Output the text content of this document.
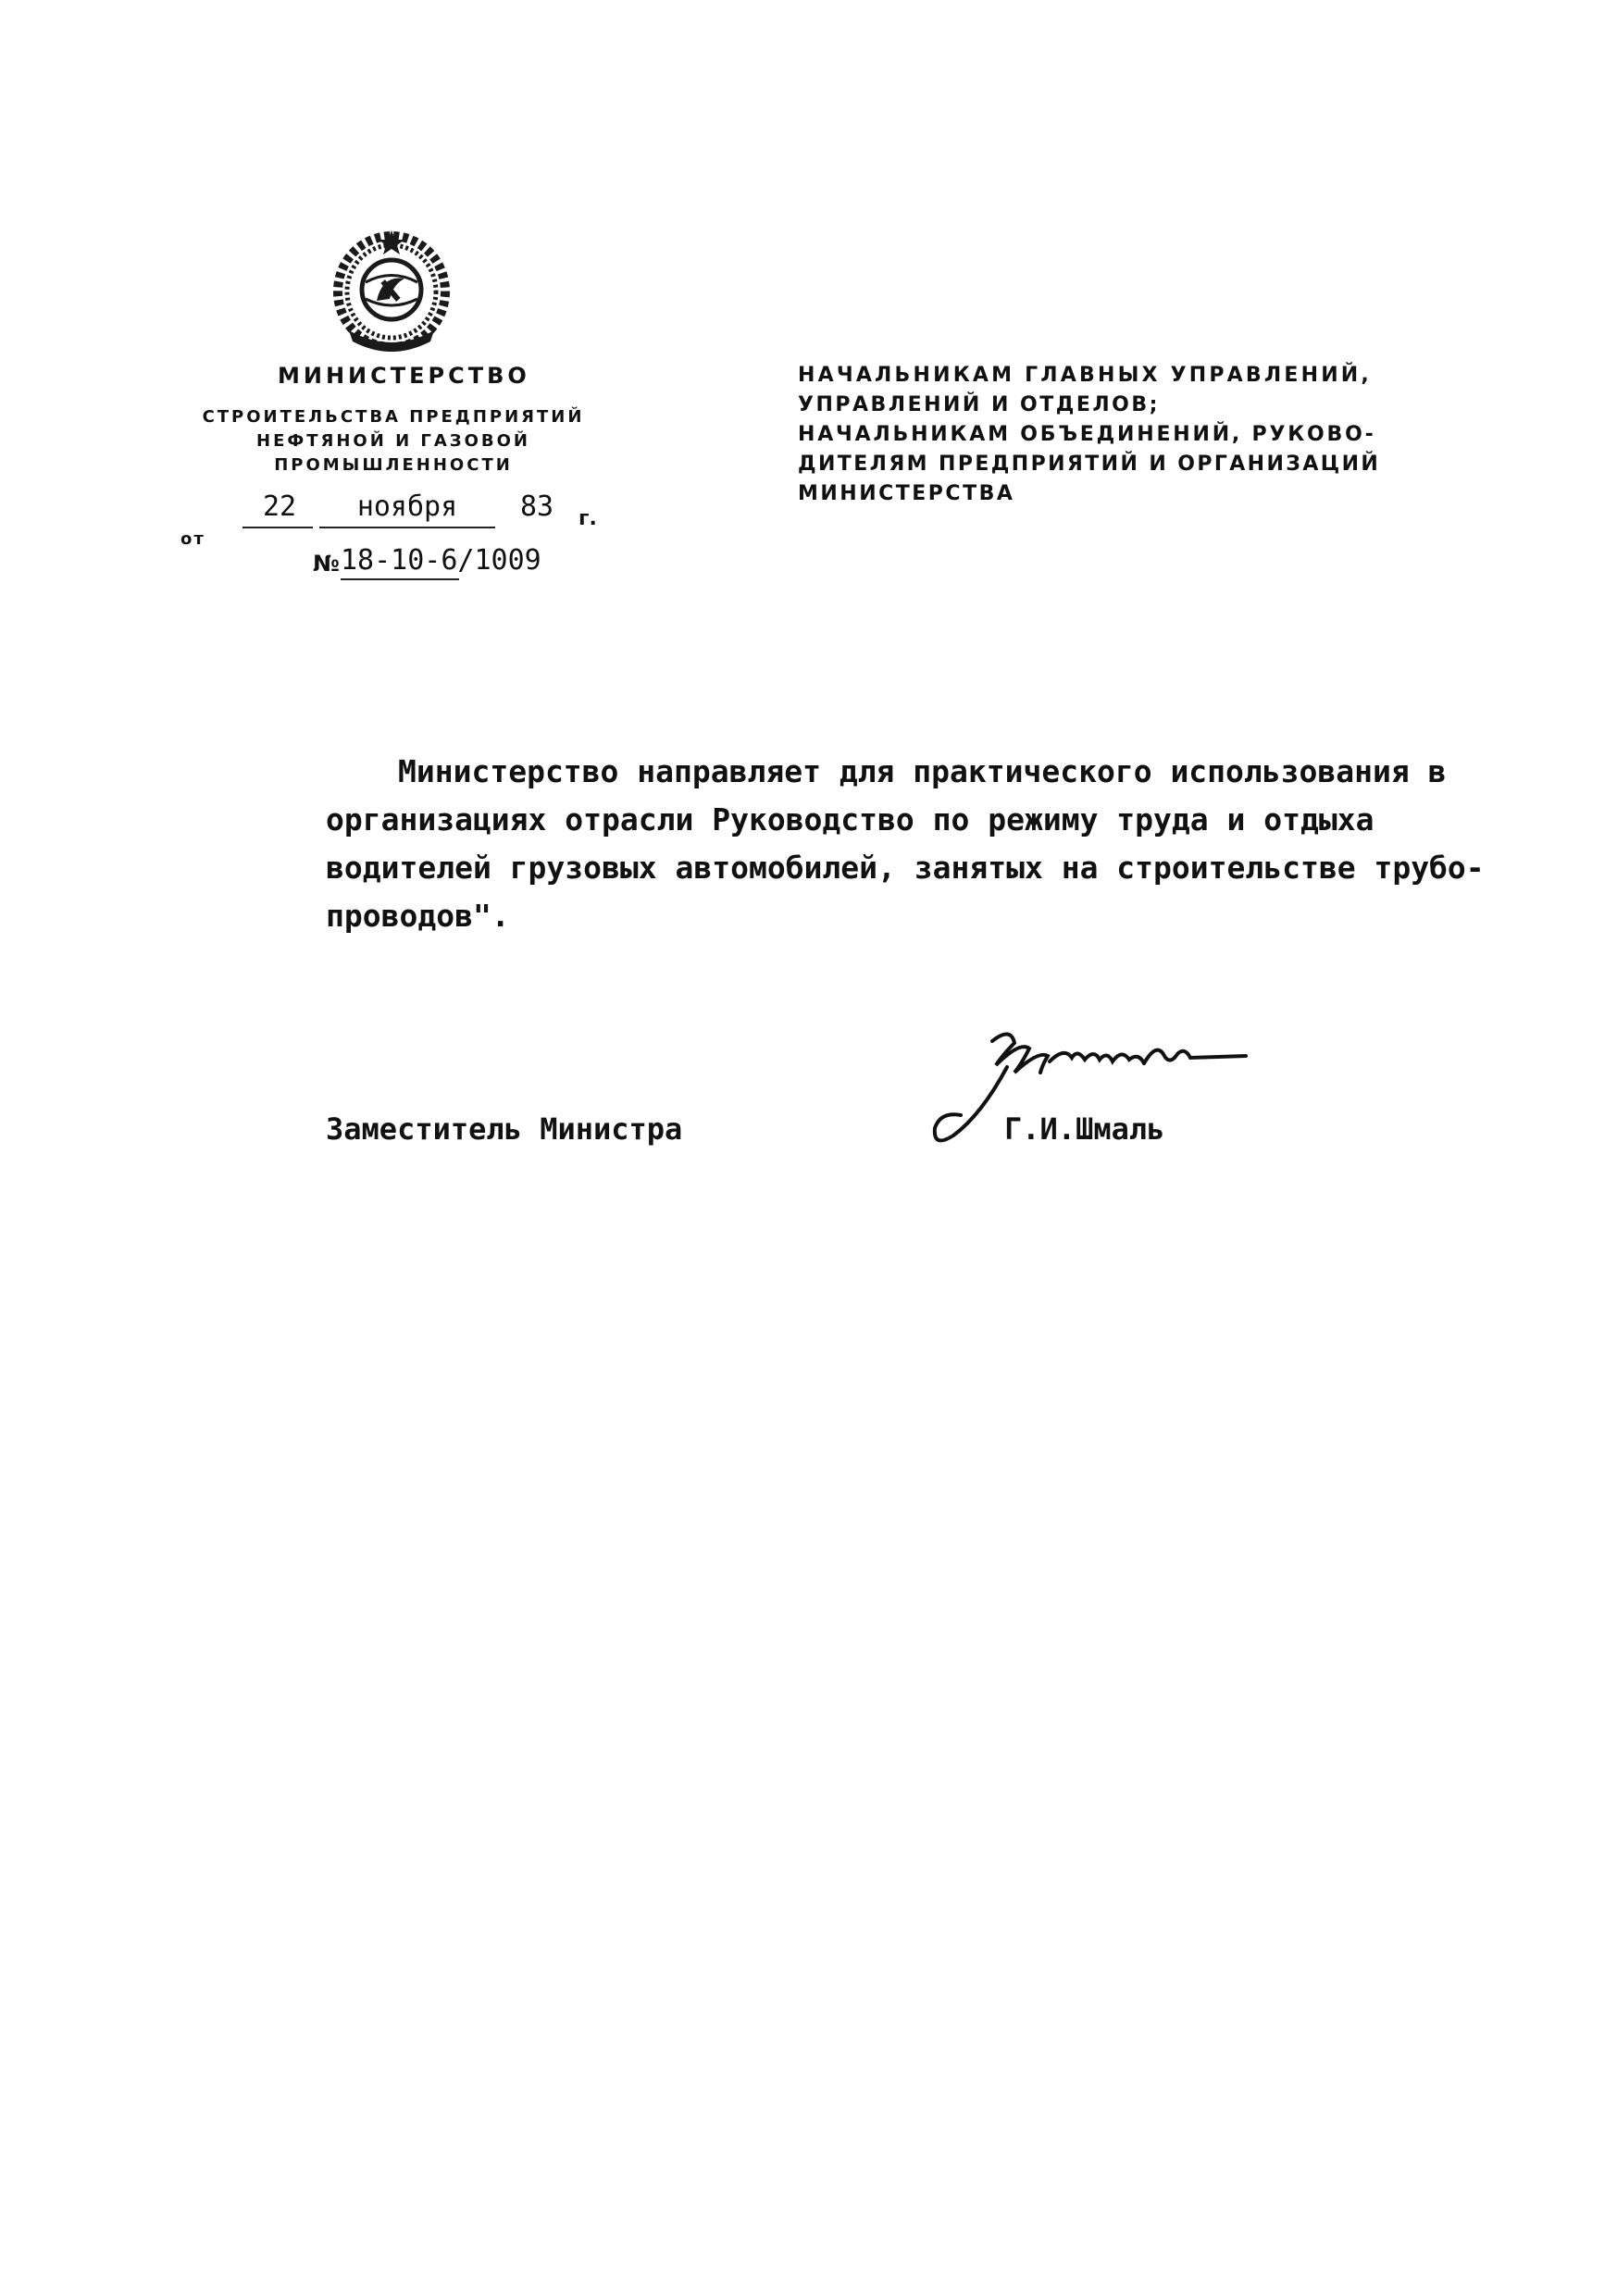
МИНИСТЕРСТВО
СТРОИТЕЛЬСТВА ПРЕДПРИЯТИЙ
НЕФТЯНОЙ И ГАЗОВОЙ
ПРОМЫШЛЕННОСТИ
от
22	ноября	83	г.
№ 18-10-6/1009
НАЧАЛЬНИКАМ ГЛАВНЫХ УПРАВЛЕНИЙ,
УПРАВЛЕНИЙ И ОТДЕЛОВ;
НАЧАЛЬНИКАМ ОБЪЕДИНЕНИЙ, РУКОВО-
ДИТЕЛЯМ ПРЕДПРИЯТИЙ И ОРГАНИЗАЦИЙ
МИНИСТЕРСТВА
Министерство направляет для практического использования в
организациях отрасли Руководство по режиму труда и отдыха
водителей грузовых автомобилей, занятых на строительстве трубо-
проводов".
Заместитель Министра	Г.И.Шмаль
